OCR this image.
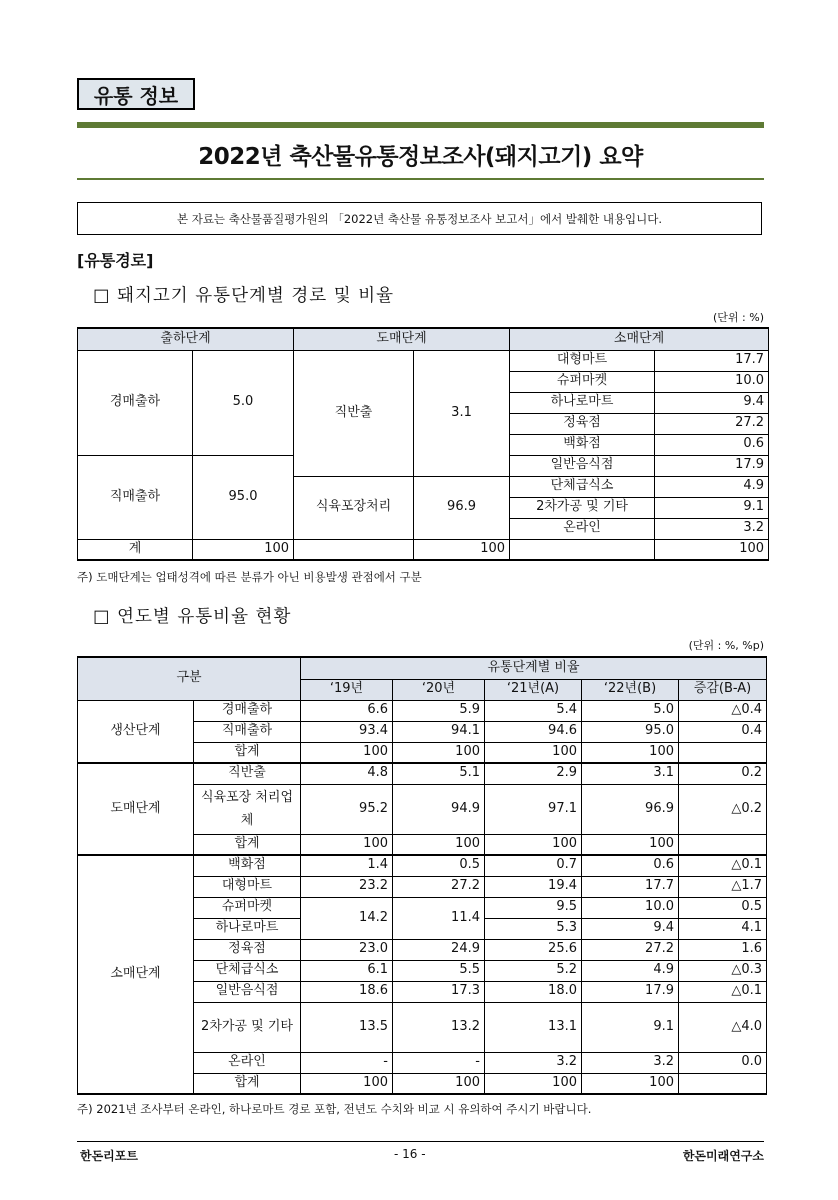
유통 정보
2022년 축산물유통정보조사(돼지고기) 요약
본 자료는 축산물품질평가원의 「2022년 축산물 유통정보조사 보고서」에서 발췌한 내용입니다.
[유통경로]
□ 돼지고기 유통단계별 경로 및 비율
(단위 : %)
출하단계		도매단계		소매단계	
경매출하	5.0	직반출	3.1	대형마트	17.7
				슈퍼마켓	10.0
				하나로마트	9.4
				정육점	27.2
				백화점	0.6
직매출하	95.0			일반음식점	17.9
		식육포장처리	96.9	단체급식소	4.9
				2차가공 및 기타	9.1
				온라인	3.2
계	100		100		100
주) 도매단계는 업태성격에 따른 분류가 아닌 비용발생 관점에서 구분
□ 연도별 유통비율 현황
(단위 : %, %p)
구분		유통단계별 비율				
		‘19년	‘20년	‘21년(A)	‘22년(B)	증감(B-A)
생산단계	경매출하	6.6	5.9	5.4	5.0	△0.4
	직매출하	93.4	94.1	94.6	95.0	0.4
	합계	100	100	100	100	
도매단계	직반출	4.8	5.1	2.9	3.1	0.2
	식육포장 처리업체	95.2	94.9	97.1	96.9	△0.2
	합계	100	100	100	100	
소매단계	백화점	1.4	0.5	0.7	0.6	△0.1
	대형마트	23.2	27.2	19.4	17.7	△1.7
	슈퍼마켓	14.2	11.4	9.5	10.0	0.5
	하나로마트			5.3	9.4	4.1
	정육점	23.0	24.9	25.6	27.2	1.6
	단체급식소	6.1	5.5	5.2	4.9	△0.3
	일반음식점	18.6	17.3	18.0	17.9	△0.1
	2차가공 및 기타	13.5	13.2	13.1	9.1	△4.0
	온라인	-	-	3.2	3.2	0.0
	합계	100	100	100	100	
주) 2021년 조사부터 온라인, 하나로마트 경로 포함, 전년도 수치와 비교 시 유의하여 주시기 바랍니다.
한돈리포트	- 16 -	한돈미래연구소
